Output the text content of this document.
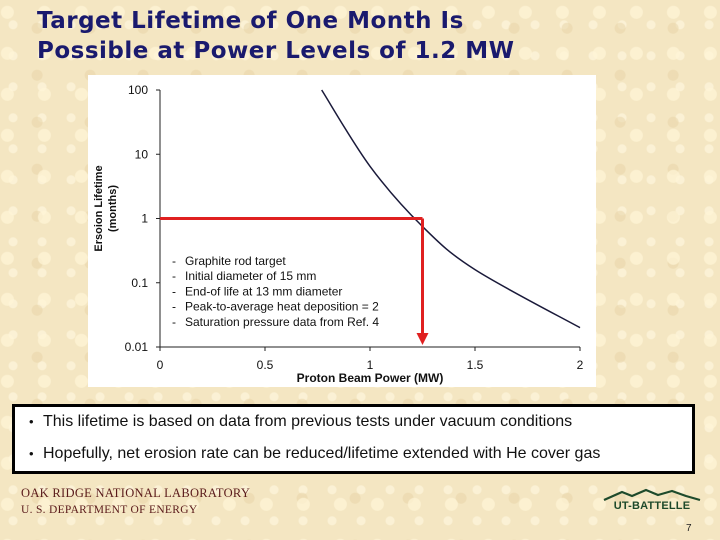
Target Lifetime of One Month Is
Possible at Power Levels of 1.2 MW
0	0.5	1	1.5	2
100
10
1
0.1
0.01
Proton Beam Power (MW)
Ersoion Lifetime (months)
- Graphite rod target
- Initial diameter of 15 mm
- End-of life at 13 mm diameter
- Peak-to-average heat deposition = 2
- Saturation pressure data from Ref. 4
• This lifetime is based on data from previous tests under vacuum conditions
• Hopefully, net erosion rate can be reduced/lifetime extended with He cover gas

OAK RIDGE NATIONAL LABORATORY

U. S. DEPARTMENT OF ENERGY	UT-BATTELLE
7
